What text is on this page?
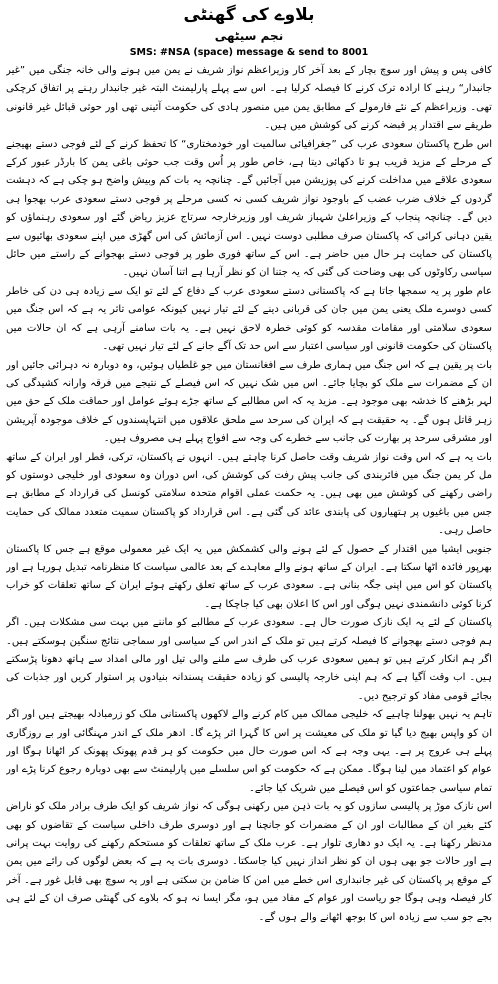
بلاوے کی گھنٹی
نجم سیٹھی
SMS: #NSA (space) message & send to 8001

کافی پس و پیش اور سوچ بچار کے بعد آخر کار وزیراعظم نواز شریف نے یمن میں ہونے والی خانہ جنگی میں ”غیر جانبدار“ رہنے کا ارادہ ترک کرنے کا فیصلہ کرلیا ہے۔ اس سے پہلے پارلیمنٹ البتہ غیر جانبدار رہنے پر اتفاق کرچکی تھی۔ وزیراعظم کے نئے فارمولے کے مطابق یمن میں منصور ہادی کی حکومت آئینی تھی اور حوثی قبائل غیر قانونی طریقے سے اقتدار پر قبضہ کرنے کی کوشش میں ہیں۔

اس طرح پاکستان سعودی عرب کی ”جغرافیائی سالمیت اور خودمختاری“ کا تحفظ کرنے کے لئے فوجی دستے بھیجنے کے مرحلے کے مزید قریب ہو تا دکھائی دیتا ہے، خاص طور پر اُس وقت جب حوثی باغی یمن کا بارڈر عبور کرکے سعودی علاقے میں مداخلت کرنے کی پوزیشن میں آجائیں گے۔ چنانچہ یہ بات کم وبیش واضح ہو چکی ہے کہ دہشت گردوں کے خلاف ضرب عضب کے باوجود نواز شریف کسی نہ کسی مرحلے پر فوجی دستے سعودی عرب بھجوا ہی دیں گے۔ چنانچہ پنجاب کے وزیراعلیٰ شہباز شریف اور وزیرخارجہ سرتاج عزیز ریاض گئے اور سعودی رہنماؤں کو یقین دہانی کرائی کہ پاکستان صرف مطلبی دوست نہیں۔ اس آزمائش کی اس گھڑی میں اپنے سعودی بھائیوں سے پاکستان کی حمایت ہر حال میں حاضر ہے۔ اس کے ساتھ فوری طور پر فوجی دستے بھجوانے کے راستے میں حائل سیاسی رکاوٹوں کی بھی وضاحت کی گئی کہ یہ جتنا ان کو نظر آرہا ہے اتنا آسان نہیں۔

عام طور پر یہ سمجھا جاتا ہے کہ پاکستانی دستے سعودی عرب کے دفاع کے لئے تو ایک سے زیادہ ہی دن کی خاطر کسی دوسرے ملک یعنی یمن میں جان کی قربانی دینے کے لئے تیار نہیں کیونکہ عوامی تاثر یہ ہے کہ اس جنگ میں سعودی سلامتی اور مقامات مقدسہ کو کوئی خطرہ لاحق نہیں ہے۔ یہ بات سامنے آرہی ہے کہ ان حالات میں پاکستان کی حکومت قانونی اور سیاسی اعتبار سے اس حد تک آگے جانے کے لئے تیار نہیں تھی۔

بات پر یقین ہے کہ اس جنگ میں ہماری طرف سے افغانستان میں جو غلطیاں ہوئیں، وہ دوبارہ نہ دہرائی جائیں اور ان کے مضمرات سے ملک کو بچایا جائے۔ اس میں شک نہیں کہ اس فیصلے کے نتیجے میں فرقہ وارانہ کشیدگی کی لہر بڑھنے کا خدشہ بھی موجود ہے۔ مزید یہ کہ اس مطالبے کے ساتھ جڑے ہوئے عوامل اور حماقت ملک کے حق میں زہر قاتل ہوں گے۔ یہ حقیقت ہے کہ ایران کی سرحد سے ملحق علاقوں میں انتہاپسندوں کے خلاف موجودہ آپریشن اور مشرقی سرحد پر بھارت کی جانب سے خطرے کی وجہ سے افواج پہلے ہی مصروف ہیں۔

بات یہ ہے کہ اس وقت نواز شریف وقت حاصل کرنا چاہتے ہیں۔ انہوں نے پاکستان، ترکی، قطر اور ایران کے ساتھ مل کر یمن جنگ میں فائربندی کی جانب پیش رفت کی کوشش کی، اس دوران وہ سعودی اور خلیجی دوستوں کو راضی رکھنے کی کوشش میں بھی ہیں۔ یہ حکمت عملی اقوام متحدہ سلامتی کونسل کی قرارداد کے مطابق ہے جس میں باغیوں پر ہتھیاروں کی پابندی عائد کی گئی ہے۔ اس قرارداد کو پاکستان سمیت متعدد ممالک کی حمایت حاصل رہی۔

جنوبی ایشیا میں اقتدار کے حصول کے لئے ہونے والی کشمکش میں یہ ایک غیر معمولی موقع ہے جس کا پاکستان بھرپور فائدہ اٹھا سکتا ہے۔ ایران کے ساتھ ہونے والے معاہدے کے بعد عالمی سیاست کا منظرنامہ تبدیل ہورہا ہے اور پاکستان کو اس میں اپنی جگہ بنانی ہے۔ سعودی عرب کے ساتھ تعلق رکھتے ہوئے ایران کے ساتھ تعلقات کو خراب کرنا کوئی دانشمندی نہیں ہوگی اور اس کا اعلان بھی کیا جاچکا ہے۔

پاکستان کے لئے یہ ایک نازک صورت حال ہے۔ سعودی عرب کے مطالبے کو ماننے میں بہت سی مشکلات ہیں۔ اگر ہم فوجی دستے بھجوانے کا فیصلہ کرتے ہیں تو ملک کے اندر اس کے سیاسی اور سماجی نتائج سنگین ہوسکتے ہیں۔ اگر ہم انکار کرتے ہیں تو ہمیں سعودی عرب کی طرف سے ملنے والی تیل اور مالی امداد سے ہاتھ دھونا پڑسکتے ہیں۔ اب وقت آگیا ہے کہ ہم اپنی خارجہ پالیسی کو زیادہ حقیقت پسندانہ بنیادوں پر استوار کریں اور جذبات کی بجائے قومی مفاد کو ترجیح دیں۔

تاہم یہ نہیں بھولنا چاہیے کہ خلیجی ممالک میں کام کرنے والے لاکھوں پاکستانی ملک کو زرمبادلہ بھیجتے ہیں اور اگر ان کو واپس بھیج دیا گیا تو ملک کی معیشت پر اس کا گہرا اثر پڑے گا۔ ادھر ملک کے اندر مہنگائی اور بے روزگاری پہلے ہی عروج پر ہے۔ یہی وجہ ہے کہ اس صورت حال میں حکومت کو ہر قدم پھونک پھونک کر اٹھانا ہوگا اور عوام کو اعتماد میں لینا ہوگا۔ ممکن ہے کہ حکومت کو اس سلسلے میں پارلیمنٹ سے بھی دوبارہ رجوع کرنا پڑے اور تمام سیاسی جماعتوں کو اس فیصلے میں شریک کیا جائے۔

اس نازک موڑ پر پالیسی سازوں کو یہ بات ذہن میں رکھنی ہوگی کہ نواز شریف کو ایک طرف برادر ملک کو ناراض کئے بغیر ان کے مطالبات اور ان کے مضمرات کو جانچنا ہے اور دوسری طرف داخلی سیاست کے تقاضوں کو بھی مدنظر رکھنا ہے۔ یہ ایک دو دھاری تلوار ہے۔ عرب ملک کے ساتھ تعلقات کو مستحکم رکھنے کی روایت بہت پرانی ہے اور حالات جو بھی ہوں ان کو نظر انداز نہیں کیا جاسکتا۔ دوسری بات یہ ہے کہ بعض لوگوں کی رائے میں یمن کے موقع پر پاکستان کی غیر جانبداری اس خطے میں امن کا ضامن بن سکتی ہے اور یہ سوچ بھی قابل غور ہے۔ آخر کار فیصلہ وہی ہوگا جو ریاست اور عوام کے مفاد میں ہو، مگر ایسا نہ ہو کہ بلاوے کی گھنٹی صرف ان کے لئے ہی بجے جو سب سے زیادہ اس کا بوجھ اٹھانے والے ہوں گے۔
